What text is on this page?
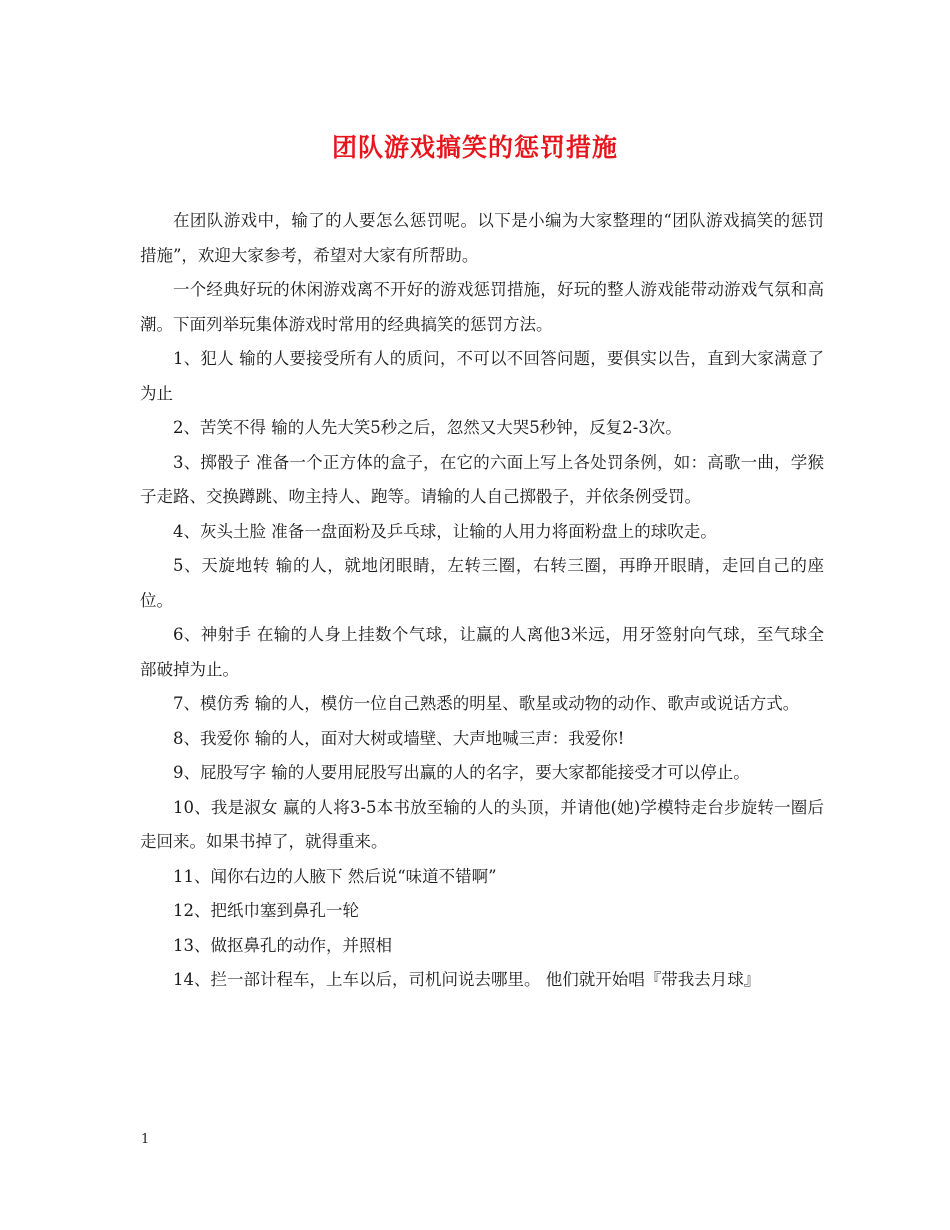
团队游戏搞笑的惩罚措施

在团队游戏中，输了的人要怎么惩罚呢。以下是小编为大家整理的“团队游戏搞笑的惩罚措施”，欢迎大家参考，希望对大家有所帮助。

一个经典好玩的休闲游戏离不开好的游戏惩罚措施，好玩的整人游戏能带动游戏气氛和高潮。下面列举玩集体游戏时常用的经典搞笑的惩罚方法。

1、犯人 输的人要接受所有人的质问，不可以不回答问题，要俱实以告，直到大家满意了为止

2、苦笑不得 输的人先大笑5秒之后，忽然又大哭5秒钟，反复2-3次。

3、掷骰子 准备一个正方体的盒子，在它的六面上写上各处罚条例，如：高歌一曲，学猴子走路、交换蹲跳、吻主持人、跑等。请输的人自己掷骰子，并依条例受罚。

4、灰头土脸 准备一盘面粉及乒乓球，让输的人用力将面粉盘上的球吹走。

5、天旋地转 输的人，就地闭眼睛，左转三圈，右转三圈，再睁开眼睛，走回自己的座位。

6、神射手 在输的人身上挂数个气球，让赢的人离他3米远，用牙签射向气球，至气球全部破掉为止。

7、模仿秀 输的人，模仿一位自己熟悉的明星、歌星或动物的动作、歌声或说话方式。

8、我爱你 输的人，面对大树或墙壁、大声地喊三声：我爱你!

9、屁股写字 输的人要用屁股写出赢的人的名字，要大家都能接受才可以停止。

10、我是淑女 赢的人将3-5本书放至输的人的头顶，并请他(她)学模特走台步旋转一圈后走回来。如果书掉了，就得重来。

11、闻你右边的人腋下 然后说“味道不错啊”

12、把纸巾塞到鼻孔一轮

13、做抠鼻孔的动作，并照相

14、拦一部计程车，上车以后，司机问说去哪里。 他们就开始唱『带我去月球』

1
